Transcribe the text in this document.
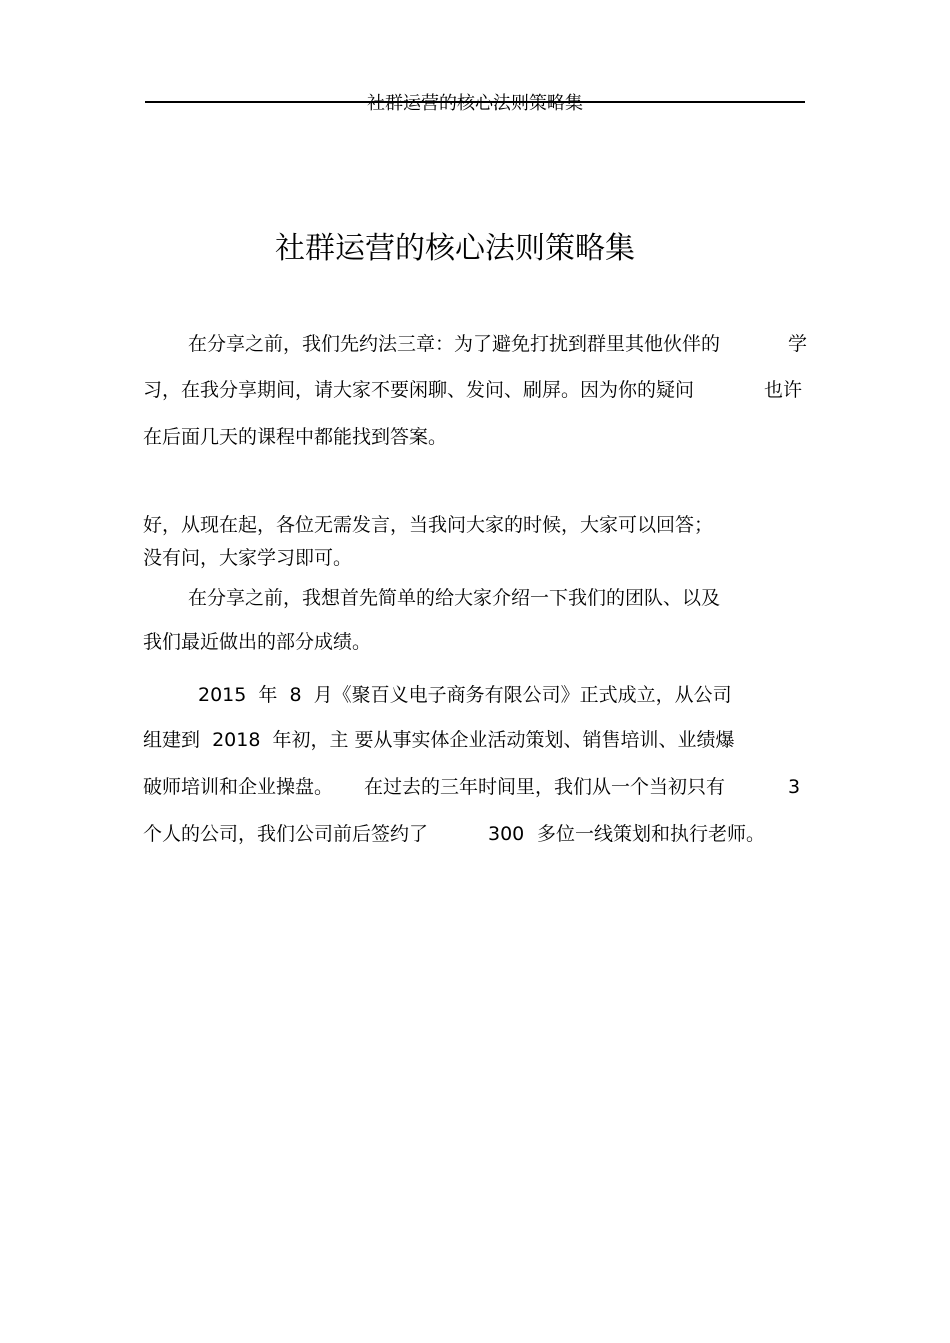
社群运营的核心法则策略集
社群运营的核心法则策略集
在分享之前，我们先约法三章：为了避免打扰到群里其他伙伴的	学
习，在我分享期间，请大家不要闲聊、发问、刷屏。因为你的疑问	也许
在后面几天的课程中都能找到答案。
好，从现在起，各位无需发言，当我问大家的时候，大家可以回答；
没有问，大家学习即可。
在分享之前，我想首先简单的给大家介绍一下我们的团队、以及
我们最近做出的部分成绩。
2015  年  8  月《聚百义电子商务有限公司》正式成立，从公司
组建到  2018  年初，主 要从事实体企业活动策划、销售培训、业绩爆
破师培训和企业操盘。 在过去的三年时间里，我们从一个当初只有	3
个人的公司，我们公司前后签约了	300 多位一线策划和执行老师。
